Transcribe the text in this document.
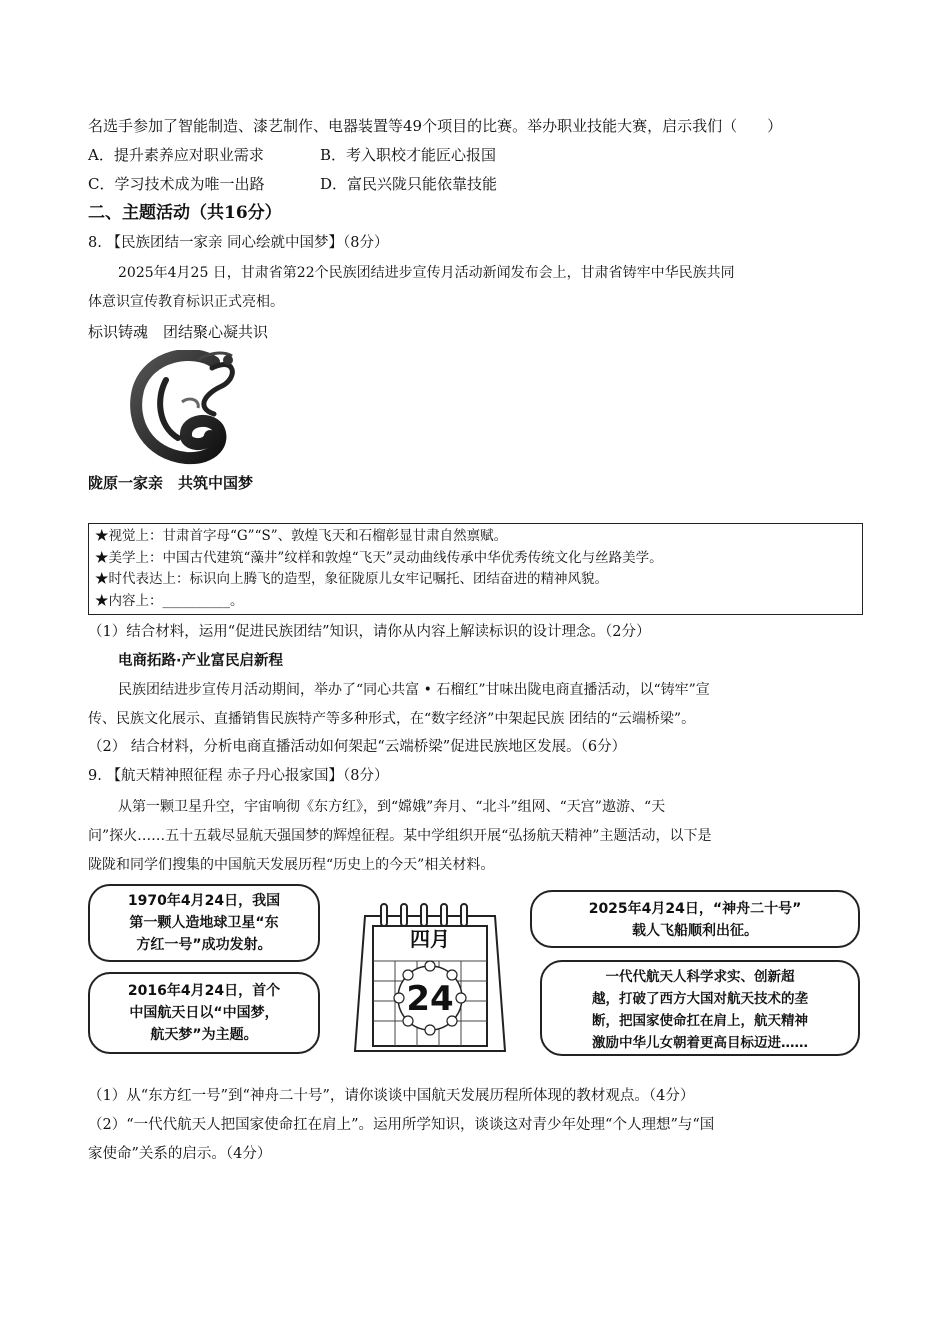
名选手参加了智能制造、漆艺制作、电器装置等49个项目的比赛。举办职业技能大赛，启示我们（　　）
A．提升素养应对职业需求	B．考入职校才能匠心报国
C．学习技术成为唯一出路	D．富民兴陇只能依靠技能
二、主题活动（共16分）
8. 【民族团结一家亲 同心绘就中国梦】（8分）
2025年4月25 日，甘肃省第22个民族团结进步宣传月活动新闻发布会上，甘肃省铸牢中华民族共同
体意识宣传教育标识正式亮相。
标识铸魂　团结聚心凝共识
陇原一家亲　共筑中国梦
★视觉上：甘肃首字母“G”“S”、敦煌飞天和石榴彰显甘肃自然禀赋。
★美学上：中国古代建筑“藻井”纹样和敦煌“飞天”灵动曲线传承中华优秀传统文化与丝路美学。
★时代表达上：标识向上腾飞的造型，象征陇原儿女牢记嘱托、团结奋进的精神风貌。
★内容上：__________。
（1）结合材料，运用“促进民族团结”知识，请你从内容上解读标识的设计理念。（2分）
电商拓路·产业富民启新程
民族团结进步宣传月活动期间，举办了“同心共富 • 石榴红”甘味出陇电商直播活动，以“铸牢”宣
传、民族文化展示、直播销售民族特产等多种形式，在“数字经济”中架起民族 团结的“云端桥梁”。
（2） 结合材料，分析电商直播活动如何架起“云端桥梁”促进民族地区发展。（6分）
9. 【航天精神照征程 赤子丹心报家国】（8分）
从第一颗卫星升空，宇宙响彻《东方红》，到“嫦娥”奔月、“北斗”组网、“天宫”遨游、“天
问”探火……五十五载尽显航天强国梦的辉煌征程。某中学组织开展“弘扬航天精神”主题活动，以下是
陇陇和同学们搜集的中国航天发展历程“历史上的今天”相关材料。
1970年4月24日，我国
第一颗人造地球卫星“东
方红一号”成功发射。
2016年4月24日，首个
中国航天日以“中国梦，
航天梦”为主题。
2025年4月24日，“神舟二十号”
载人飞船顺利出征。
一代代航天人科学求实、创新超
越，打破了西方大国对航天技术的垄
断，把国家使命扛在肩上，航天精神
激励中华儿女朝着更高目标迈进……
四月
24
（1）从“东方红一号”到“神舟二十号”，请你谈谈中国航天发展历程所体现的教材观点。（4分）
（2）“一代代航天人把国家使命扛在肩上”。运用所学知识，谈谈这对青少年处理“个人理想”与“国
家使命”关系的启示。（4分）
